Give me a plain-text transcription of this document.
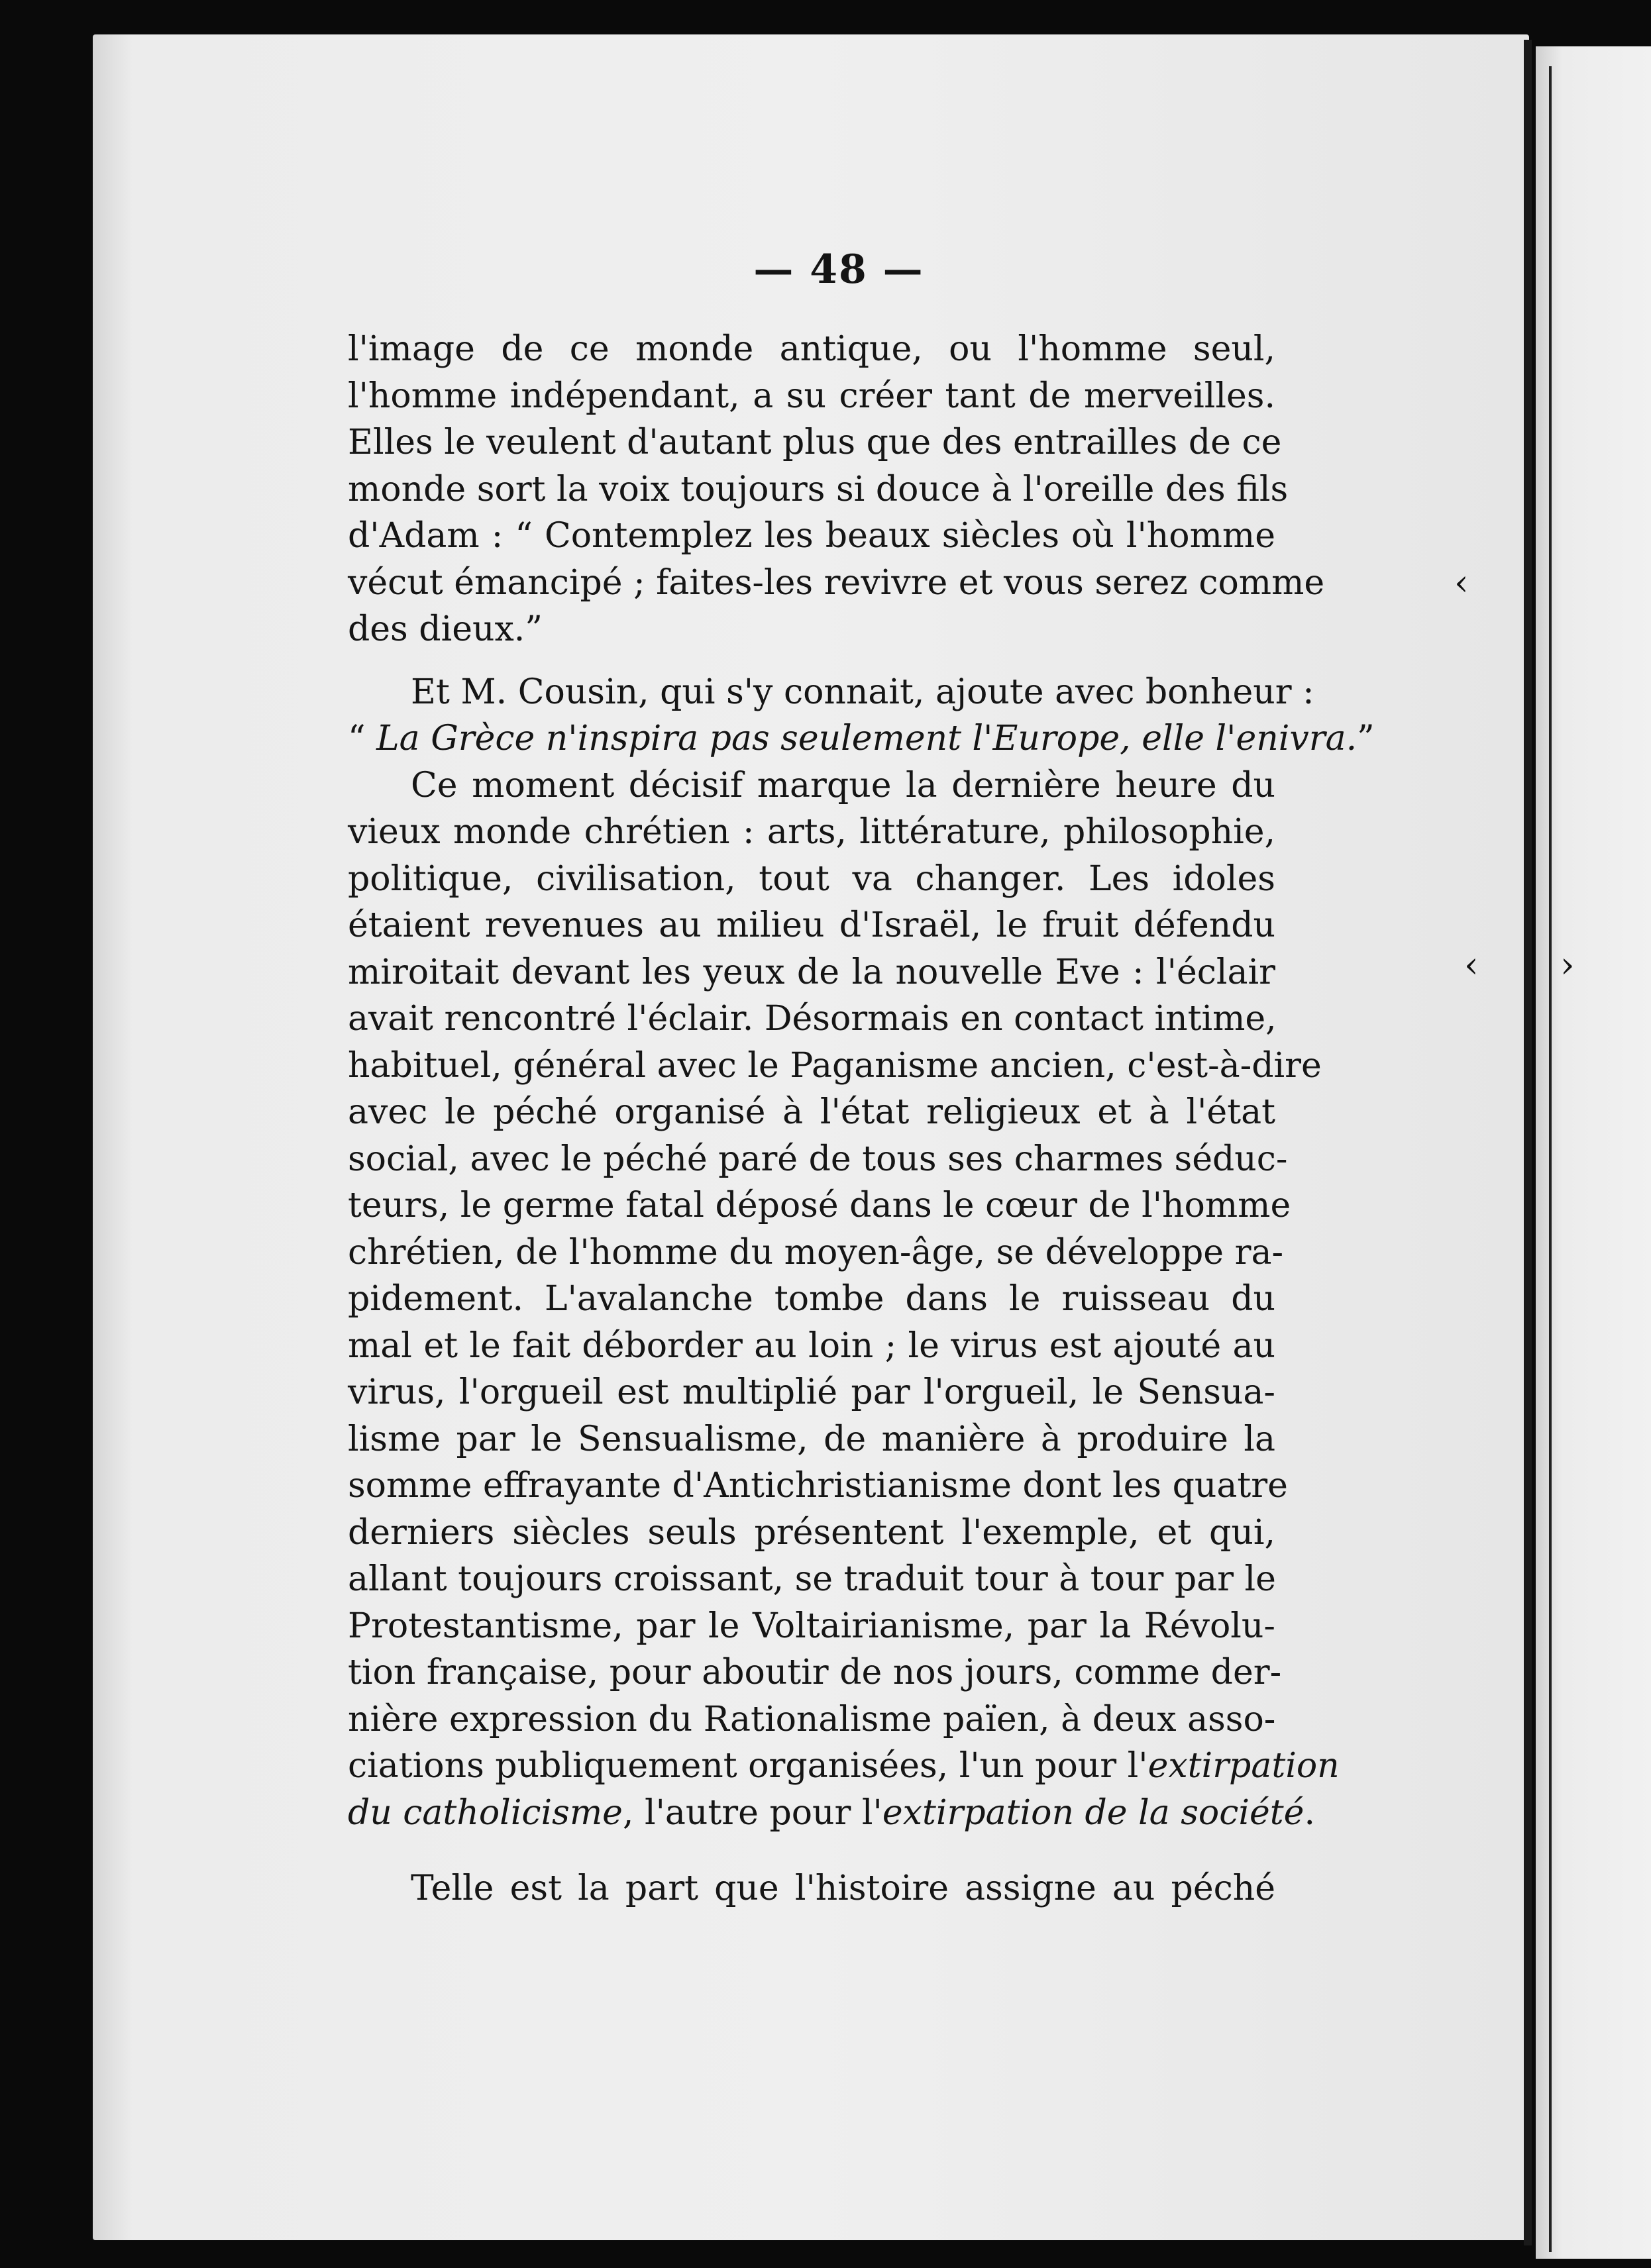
‹
‹ ›
— 48 —
l'image de ce monde antique, ou l'homme seul,
l'homme indépendant, a su créer tant de merveilles.
Elles le veulent d'autant plus que des entrailles de ce
monde sort la voix toujours si douce à l'oreille des fils
d'Adam : “ Contemplez les beaux siècles où l'homme
vécut émancipé ; faites-les revivre et vous serez comme
des dieux.”
Et M. Cousin, qui s'y connait, ajoute avec bonheur :
“ La Grèce n'inspira pas seulement l'Europe, elle l'enivra.”
Ce moment décisif marque la dernière heure du
vieux monde chrétien : arts, littérature, philosophie,
politique, civilisation, tout va changer. Les idoles
étaient revenues au milieu d'Israël, le fruit défendu
miroitait devant les yeux de la nouvelle Eve : l'éclair
avait rencontré l'éclair. Désormais en contact intime,
habituel, général avec le Paganisme ancien, c'est-à-dire
avec le péché organisé à l'état religieux et à l'état
social, avec le péché paré de tous ses charmes séduc-
teurs, le germe fatal déposé dans le cœur de l'homme
chrétien, de l'homme du moyen-âge, se développe ra-
pidement. L'avalanche tombe dans le ruisseau du
mal et le fait déborder au loin ; le virus est ajouté au
virus, l'orgueil est multiplié par l'orgueil, le Sensua-
lisme par le Sensualisme, de manière à produire la
somme effrayante d'Antichristianisme dont les quatre
derniers siècles seuls présentent l'exemple, et qui,
allant toujours croissant, se traduit tour à tour par le
Protestantisme, par le Voltairianisme, par la Révolu-
tion française, pour aboutir de nos jours, comme der-
nière expression du Rationalisme païen, à deux asso-
ciations publiquement organisées, l'un pour l'extirpation
du catholicisme, l'autre pour l'extirpation de la société.
Telle est la part que l'histoire assigne au péché
